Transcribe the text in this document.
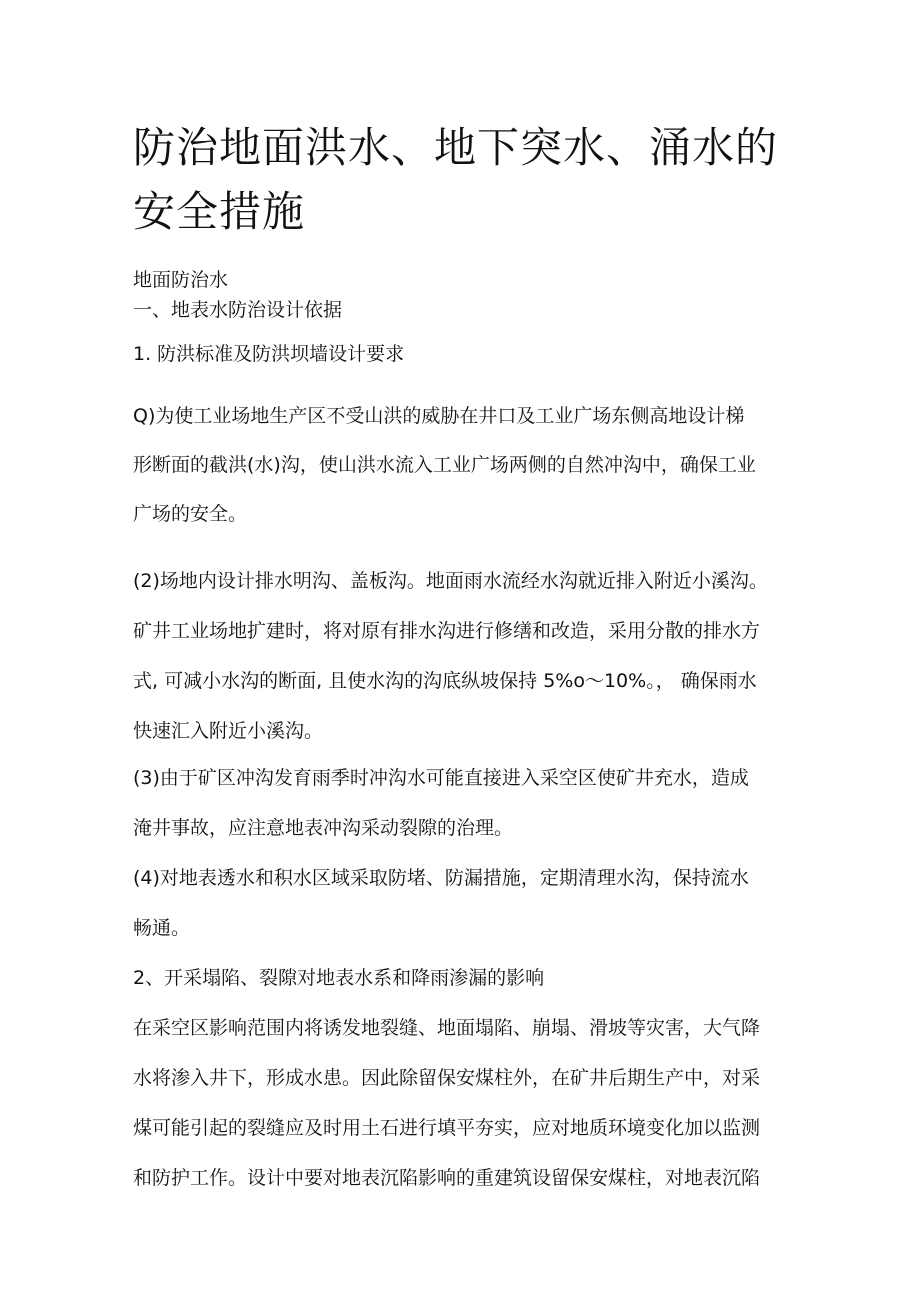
防治地面洪水、地下突水、涌水的
安全措施

地面防治水

一、地表水防治设计依据

1. 防洪标准及防洪坝墙设计要求

Q)为使工业场地生产区不受山洪的威胁在井口及工业广场东侧高地设计梯
形断面的截洪(水)沟，使山洪水流入工业广场两侧的自然冲沟中，确保工业
广场的安全。
(2)场地内设计排水明沟、盖板沟。地面雨水流经水沟就近排入附近小溪沟。
矿井工业场地扩建时，将对原有排水沟进行修缮和改造，采用分散的排水方
式, 可减小水沟的断面, 且使水沟的沟底纵坡保持 5%o～10%。， 确保雨水
快速汇入附近小溪沟。
(3)由于矿区冲沟发育雨季时冲沟水可能直接进入采空区使矿井充水，造成
淹井事故，应注意地表冲沟采动裂隙的治理。
(4)对地表透水和积水区域采取防堵、防漏措施，定期清理水沟，保持流水
畅通。

2、开采塌陷、裂隙对地表水系和降雨渗漏的影响

在采空区影响范围内将诱发地裂缝、地面塌陷、崩塌、滑坡等灾害，大气降
水将渗入井下，形成水患。因此除留保安煤柱外，在矿井后期生产中，对采
煤可能引起的裂缝应及时用土石进行填平夯实，应对地质环境变化加以监测
和防护工作。设计中要对地表沉陷影响的重建筑设留保安煤柱，对地表沉陷
